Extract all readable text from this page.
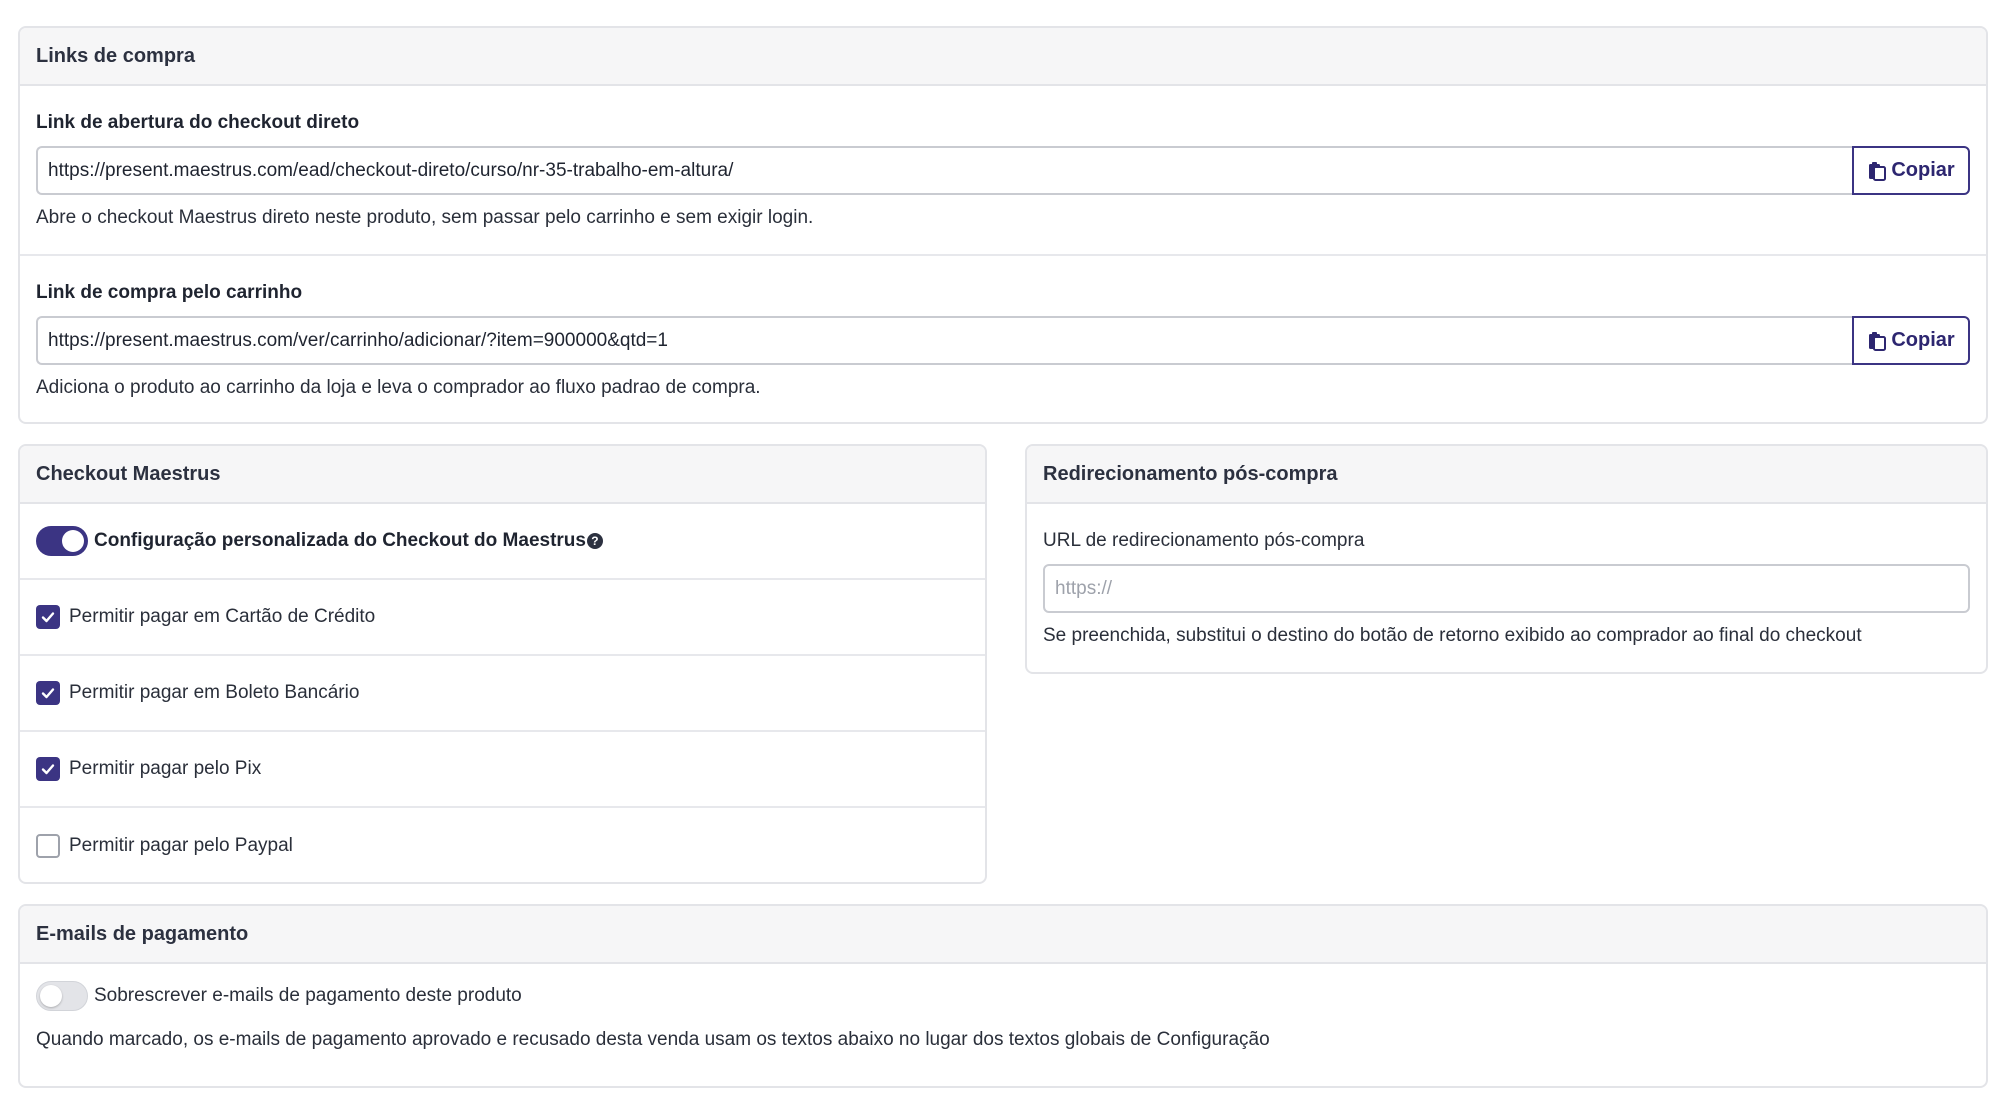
Links de compra
Link de abertura do checkout direto
https://present.maestrus.com/ead/checkout-direto/curso/nr-35-trabalho-em-altura/	Copiar
Abre o checkout Maestrus direto neste produto, sem passar pelo carrinho e sem exigir login.
Link de compra pelo carrinho
https://present.maestrus.com/ver/carrinho/adicionar/?item=900000&qtd=1	Copiar
Adiciona o produto ao carrinho da loja e leva o comprador ao fluxo padrao de compra.
Checkout Maestrus
Configuração personalizada do Checkout do Maestrus ?
Permitir pagar em Cartão de Crédito
Permitir pagar em Boleto Bancário
Permitir pagar pelo Pix
Permitir pagar pelo Paypal
Redirecionamento pós-compra
URL de redirecionamento pós-compra
https://
Se preenchida, substitui o destino do botão de retorno exibido ao comprador ao final do checkout
E-mails de pagamento
Sobrescrever e-mails de pagamento deste produto
Quando marcado, os e-mails de pagamento aprovado e recusado desta venda usam os textos abaixo no lugar dos textos globais de Configuração
